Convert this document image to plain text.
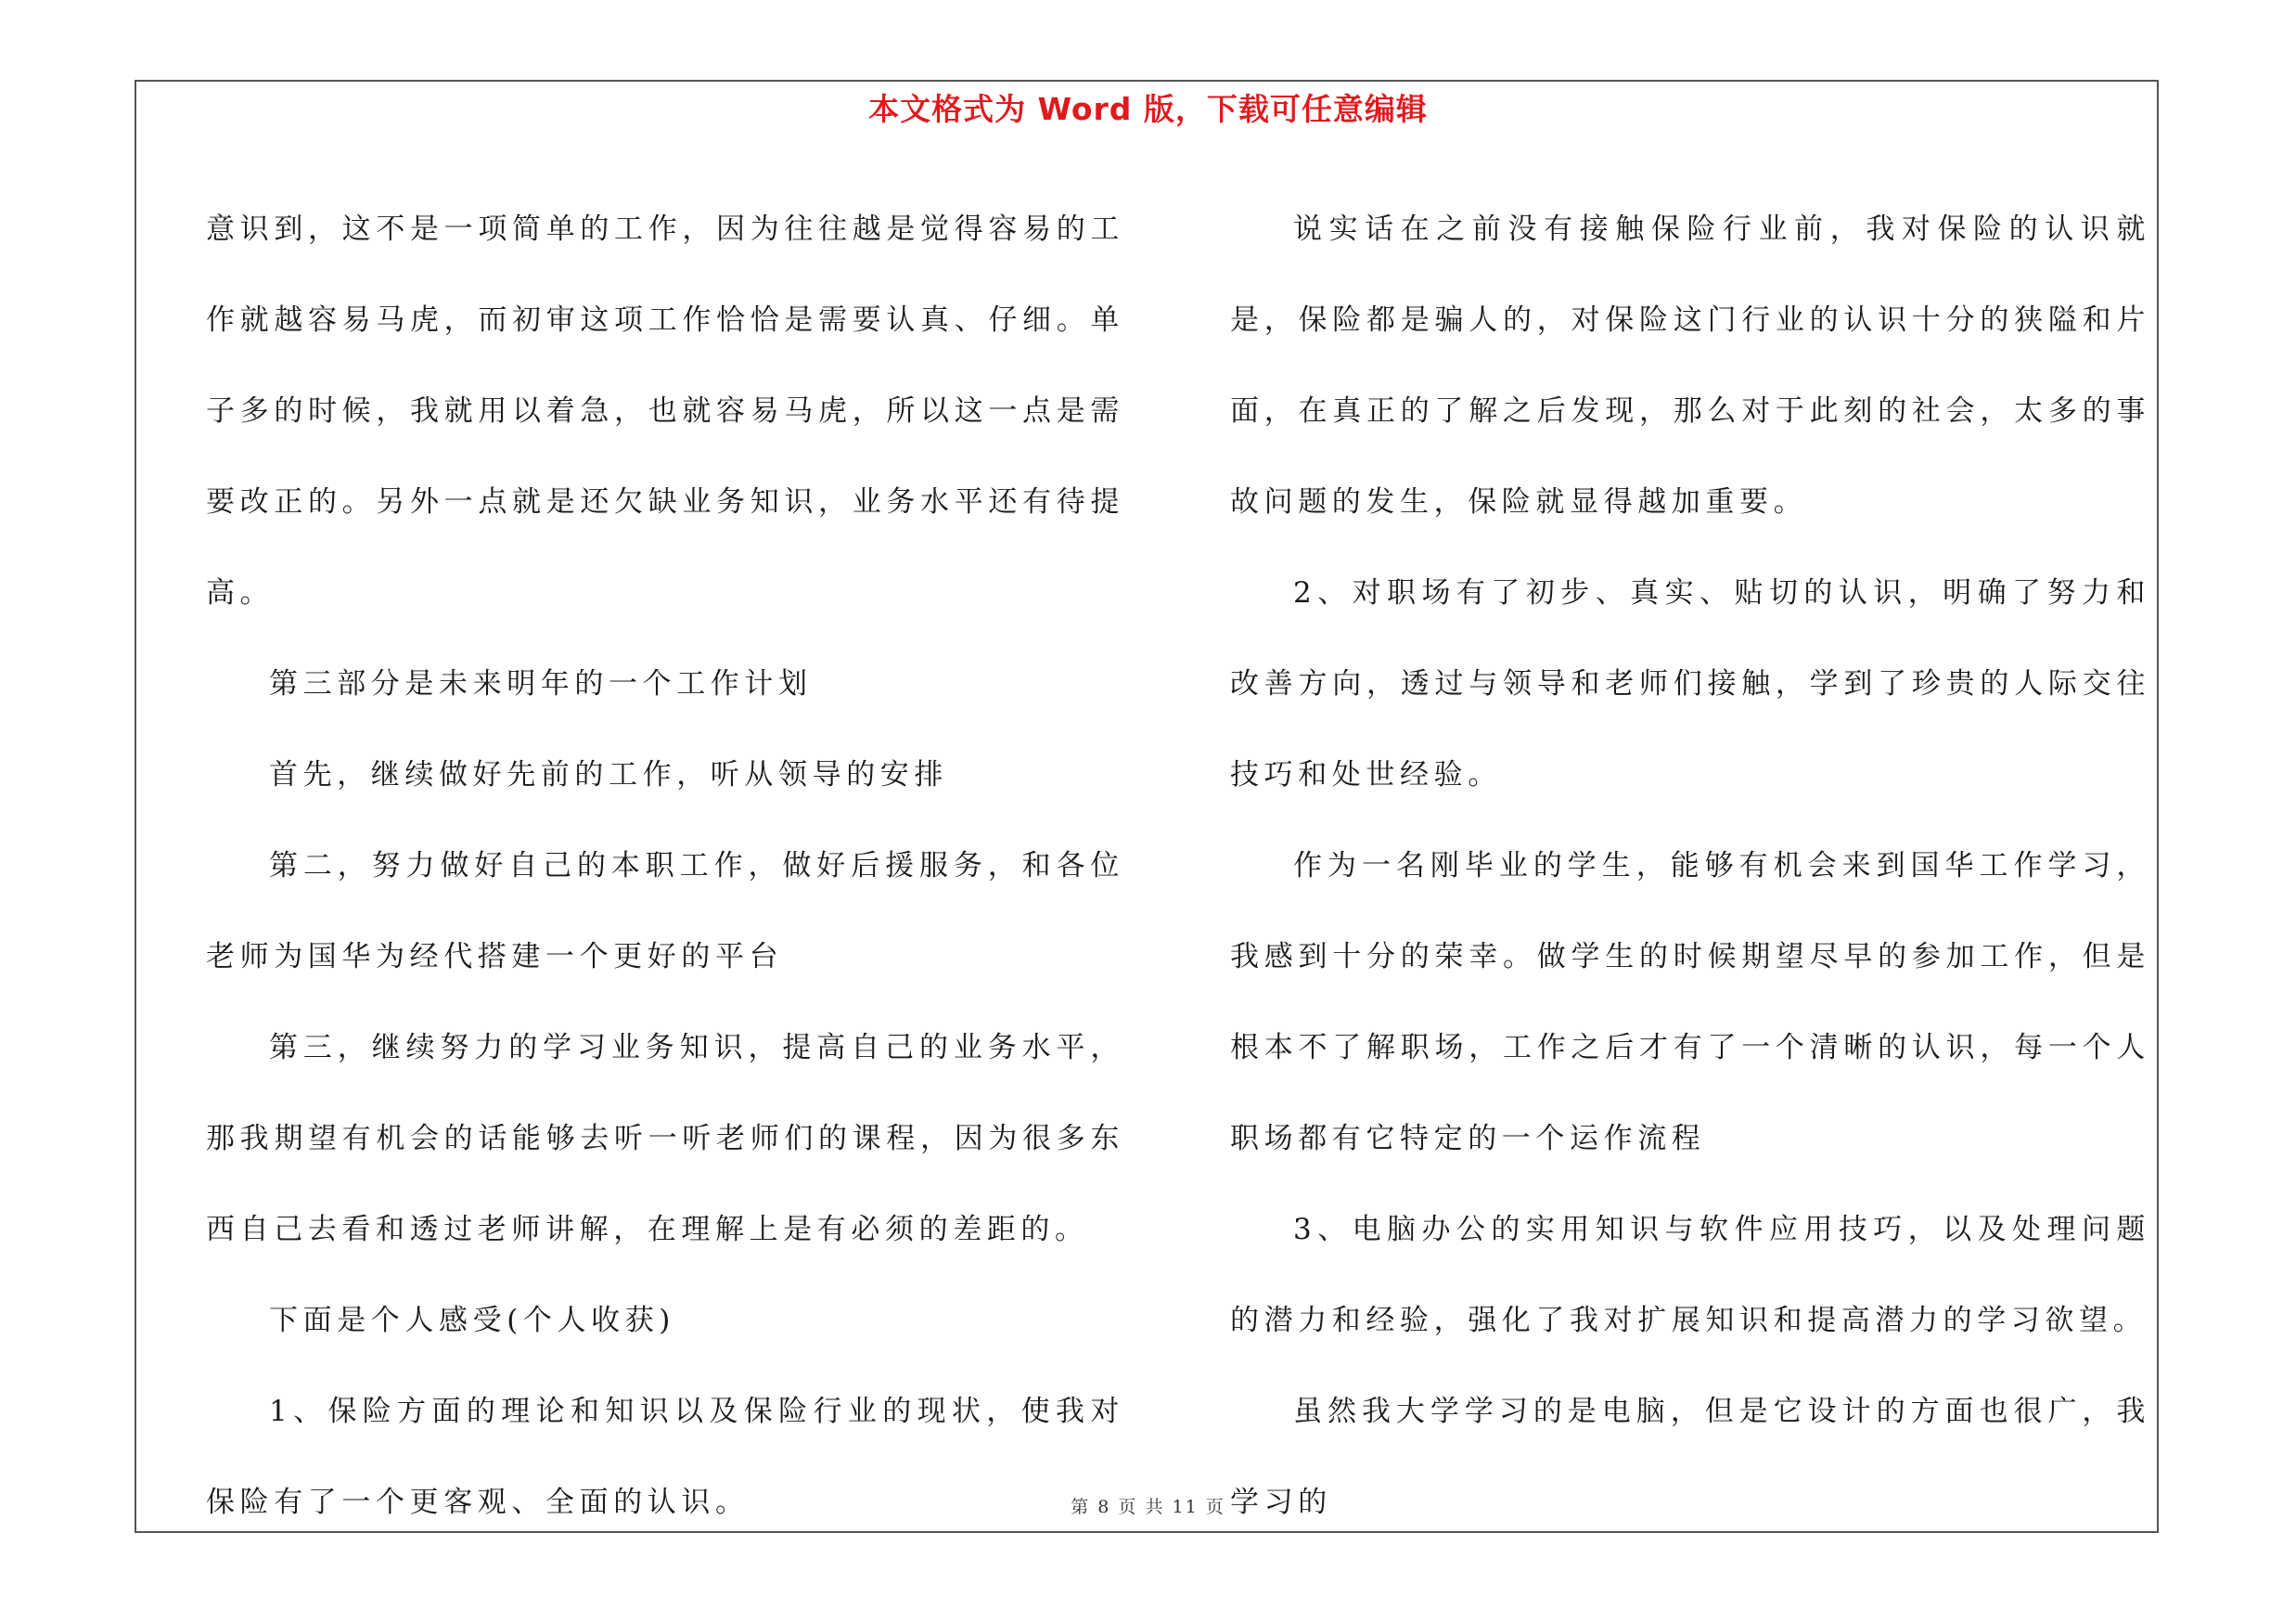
本文格式为 Word 版，下载可任意编辑

意识到，这不是一项简单的工作，因为往往越是觉得容易的工作就越容易马虎，而初审这项工作恰恰是需要认真、仔细。单子多的时候，我就用以着急，也就容易马虎，所以这一点是需要改正的。另外一点就是还欠缺业务知识，业务水平还有待提高。

第三部分是未来明年的一个工作计划

首先，继续做好先前的工作，听从领导的安排

第二，努力做好自己的本职工作，做好后援服务，和各位老师为国华为经代搭建一个更好的平台

第三，继续努力的学习业务知识，提高自己的业务水平，那我期望有机会的话能够去听一听老师们的课程，因为很多东西自己去看和透过老师讲解，在理解上是有必须的差距的。

下面是个人感受(个人收获)

1、保险方面的理论和知识以及保险行业的现状，使我对保险有了一个更客观、全面的认识。

说实话在之前没有接触保险行业前，我对保险的认识就是，保险都是骗人的，对保险这门行业的认识十分的狭隘和片面，在真正的了解之后发现，那么对于此刻的社会，太多的事故问题的发生，保险就显得越加重要。

2、对职场有了初步、真实、贴切的认识，明确了努力和改善方向，透过与领导和老师们接触，学到了珍贵的人际交往技巧和处世经验。

作为一名刚毕业的学生，能够有机会来到国华工作学习，我感到十分的荣幸。做学生的时候期望尽早的参加工作，但是根本不了解职场，工作之后才有了一个清晰的认识，每一个人职场都有它特定的一个运作流程

3、电脑办公的实用知识与软件应用技巧，以及处理问题的潜力和经验，强化了我对扩展知识和提高潜力的学习欲望。

虽然我大学学习的是电脑，但是它设计的方面也很广，我学习的

第 8 页 共 11 页
